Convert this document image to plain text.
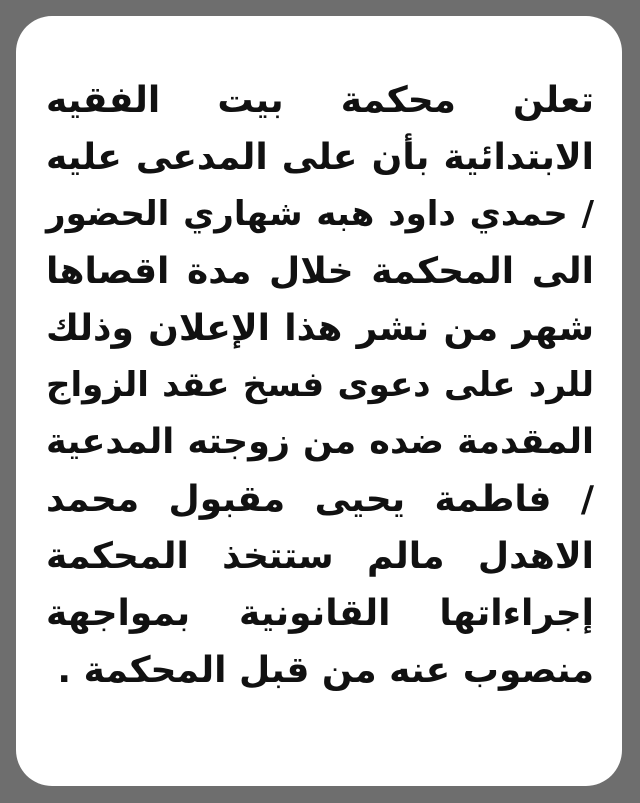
تعلن محكمة بيت الفقيه
الابتدائية بأن على المدعى عليه
/ حمدي داود هبه شهاري الحضور
الى المحكمة خلال مدة اقصاها
شهر من نشر هذا الإعلان وذلك
للرد على دعوى فسخ عقد الزواج
المقدمة ضده من زوجته المدعية
/ فاطمة يحيى مقبول محمد
الاهدل مالم ستتخذ المحكمة
إجراءاتها القانونية بمواجهة
منصوب عنه من قبل المحكمة .
